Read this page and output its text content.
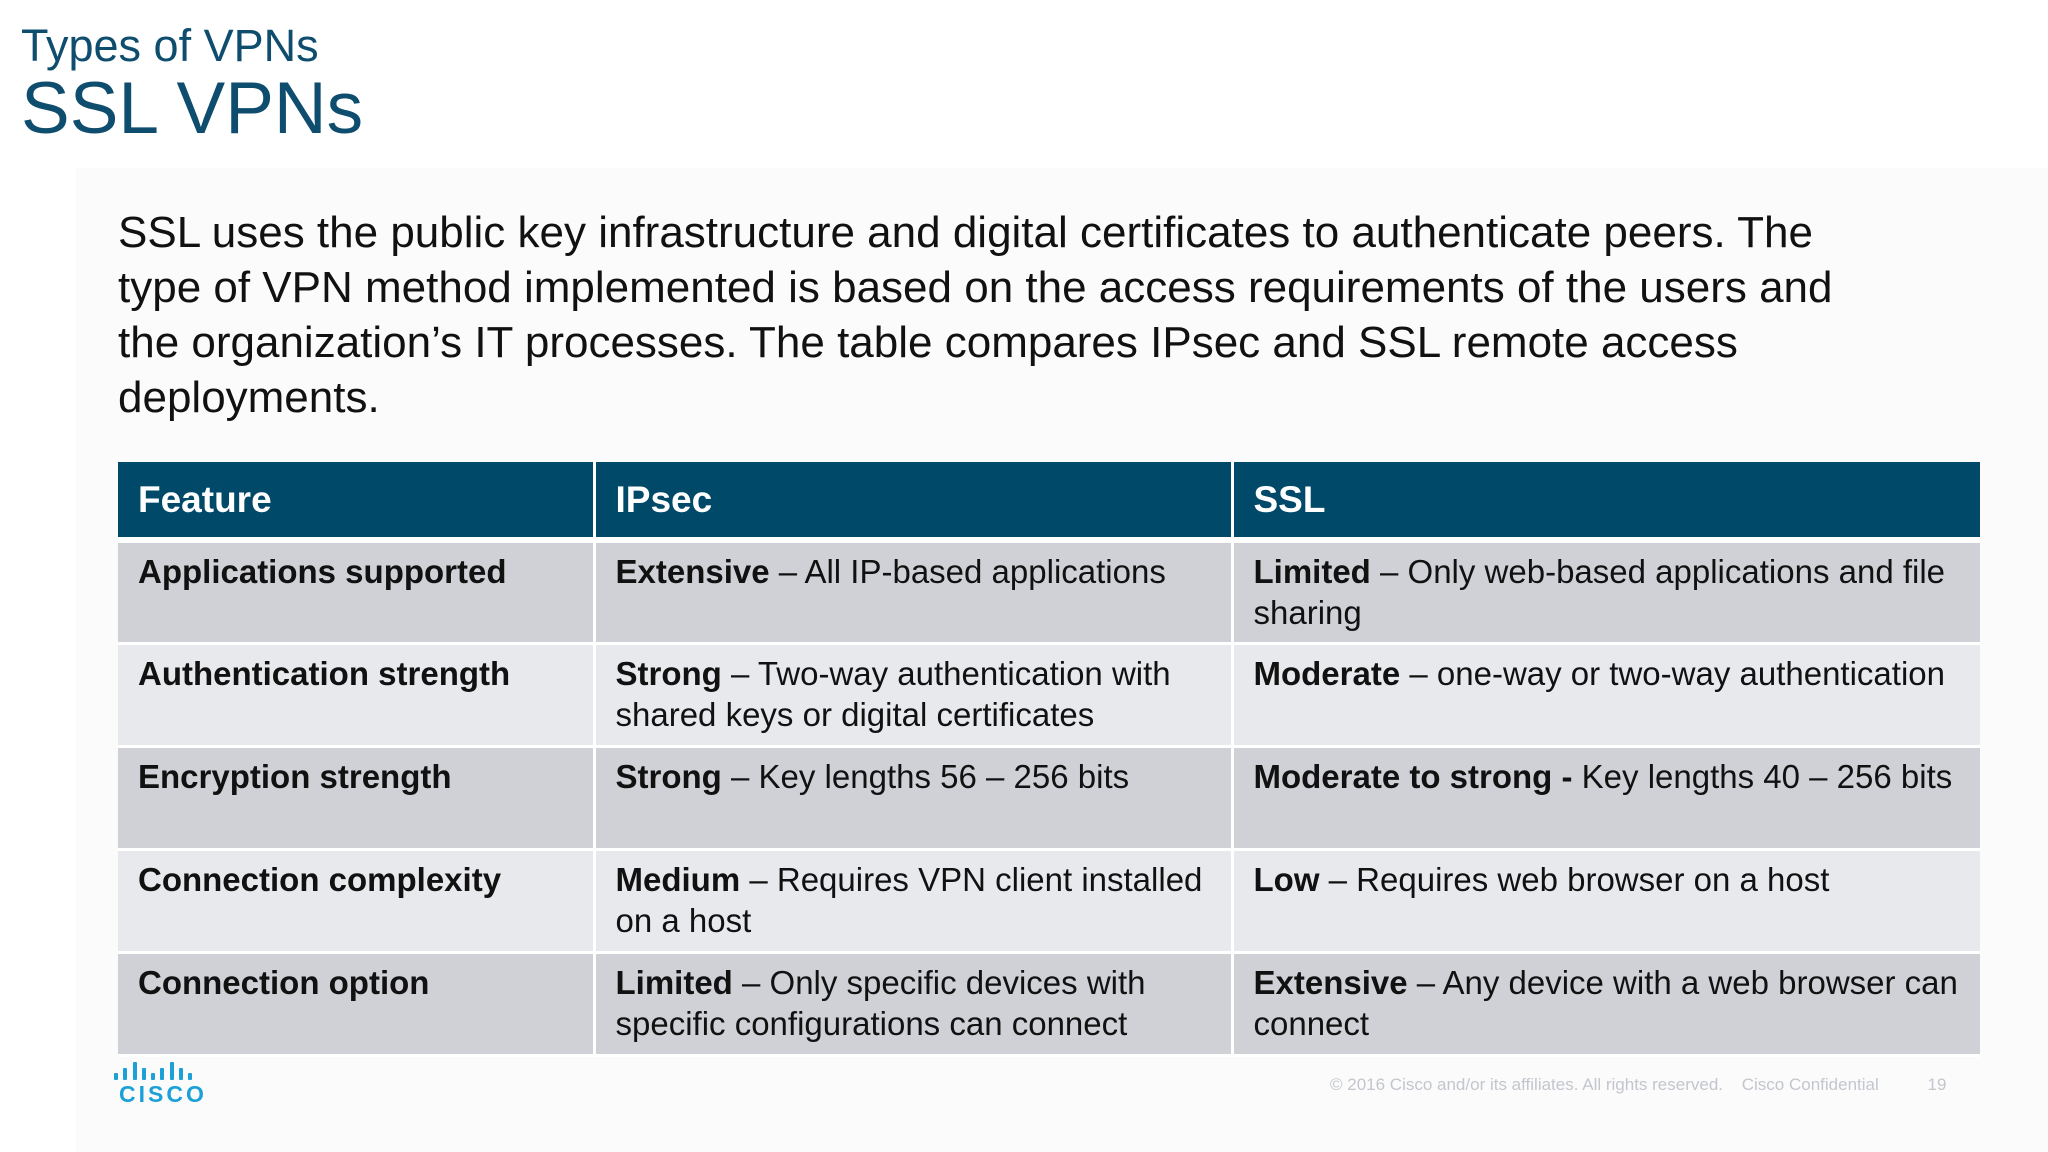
Types of VPNs
SSL VPNs

SSL uses the public key infrastructure and digital certificates to authenticate peers. The type of VPN method implemented is based on the access requirements of the users and the organization’s IT processes. The table compares IPsec and SSL remote access deployments.

Feature	IPsec	SSL
Applications supported	Extensive – All IP-based applications	Limited – Only web-based applications and file sharing
Authentication strength	Strong – Two-way authentication with shared keys or digital certificates	Moderate – one-way or two-way authentication
Encryption strength	Strong – Key lengths 56 – 256 bits	Moderate to strong - Key lengths 40 – 256 bits
Connection complexity	Medium – Requires VPN client installed on a host	Low – Requires web browser on a host
Connection option	Limited – Only specific devices with specific configurations can connect	Extensive – Any device with a web browser can connect
CISCO	© 2016 Cisco and/or its affiliates. All rights reserved. Cisco Confidential	19
